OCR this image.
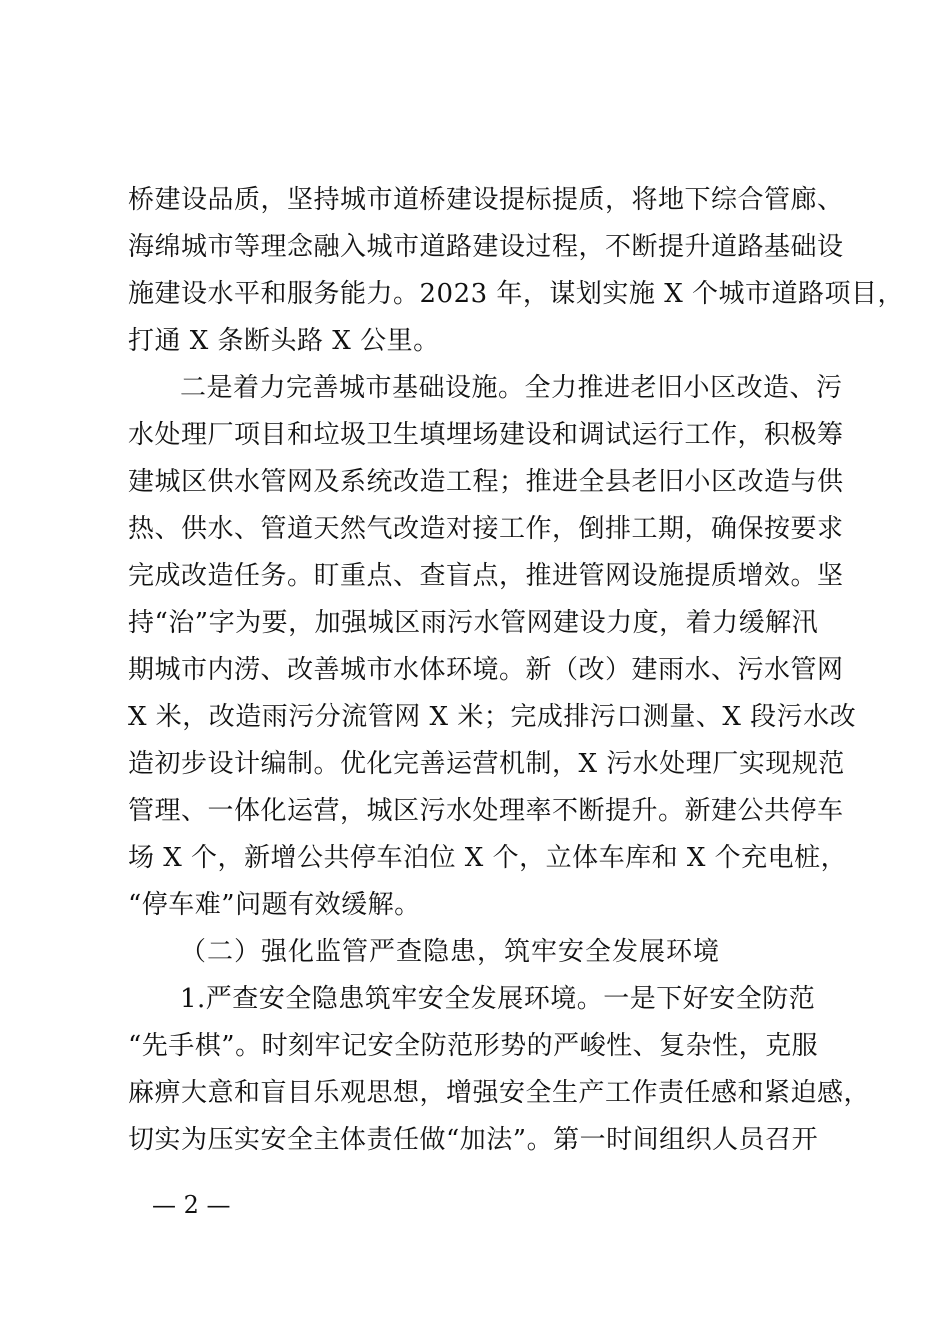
桥建设品质，坚持城市道桥建设提标提质，将地下综合管廊、
海绵城市等理念融入城市道路建设过程，不断提升道路基础设
施建设水平和服务能力。2023 年，谋划实施 X 个城市道路项目，
打通 X 条断头路 X 公里。
二是着力完善城市基础设施。全力推进老旧小区改造、污
水处理厂项目和垃圾卫生填埋场建设和调试运行工作，积极筹
建城区供水管网及系统改造工程；推进全县老旧小区改造与供
热、供水、管道天然气改造对接工作，倒排工期，确保按要求
完成改造任务。盯重点、查盲点，推进管网设施提质增效。坚
持“治”字为要，加强城区雨污水管网建设力度，着力缓解汛
期城市内涝、改善城市水体环境。新（改）建雨水、污水管网
X 米，改造雨污分流管网 X 米；完成排污口测量、X 段污水改
造初步设计编制。优化完善运营机制，X 污水处理厂实现规范
管理、一体化运营，城区污水处理率不断提升。新建公共停车
场 X 个，新增公共停车泊位 X 个，立体车库和 X 个充电桩，
“停车难”问题有效缓解。
（二）强化监管严查隐患，筑牢安全发展环境
1.严查安全隐患筑牢安全发展环境。一是下好安全防范
“先手棋”。时刻牢记安全防范形势的严峻性、复杂性，克服
麻痹大意和盲目乐观思想，增强安全生产工作责任感和紧迫感，
切实为压实安全主体责任做“加法”。第一时间组织人员召开
— 2 —
